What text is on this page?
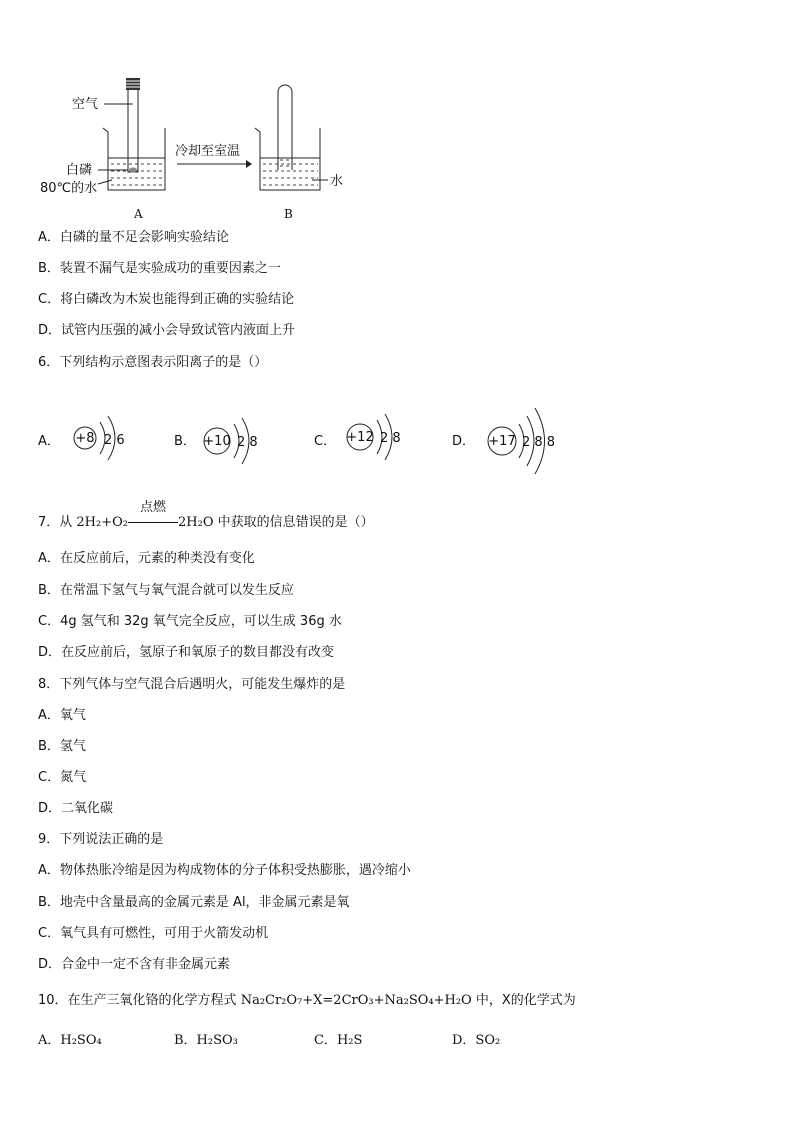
空气
白磷
80℃的水
A
冷却至室温
水
B
A．白磷的量不足会影响实验结论
B．装置不漏气是实验成功的重要因素之一
C．将白磷改为木炭也能得到正确的实验结论
D．试管内压强的减小会导致试管内液面上升
6．下列结构示意图表示阳离子的是（）
A． +8 2 6	B． +10 2 8	C． +12 2 8	D． +17 2 8 8
7．从 2H₂+O₂
点燃
2H₂O 中获取的信息错误的是（）
A．在反应前后，元素的种类没有变化
B．在常温下氢气与氧气混合就可以发生反应
C．4g 氢气和 32g 氧气完全反应，可以生成 36g 水
D．在反应前后，氢原子和氧原子的数目都没有改变
8．下列气体与空气混合后遇明火，可能发生爆炸的是
A．氧气
B．氢气
C．氮气
D．二氧化碳
9．下列说法正确的是
A．物体热胀冷缩是因为构成物体的分子体积受热膨胀，遇冷缩小
B．地壳中含量最高的金属元素是 Al，非金属元素是氧
C．氧气具有可燃性，可用于火箭发动机
D．合金中一定不含有非金属元素
10．在生产三氧化铬的化学方程式 Na₂Cr₂O₇+X=2CrO₃+Na₂SO₄+H₂O 中，X的化学式为
A．H₂SO₄	B．H₂SO₃	C．H₂S	D．SO₂
